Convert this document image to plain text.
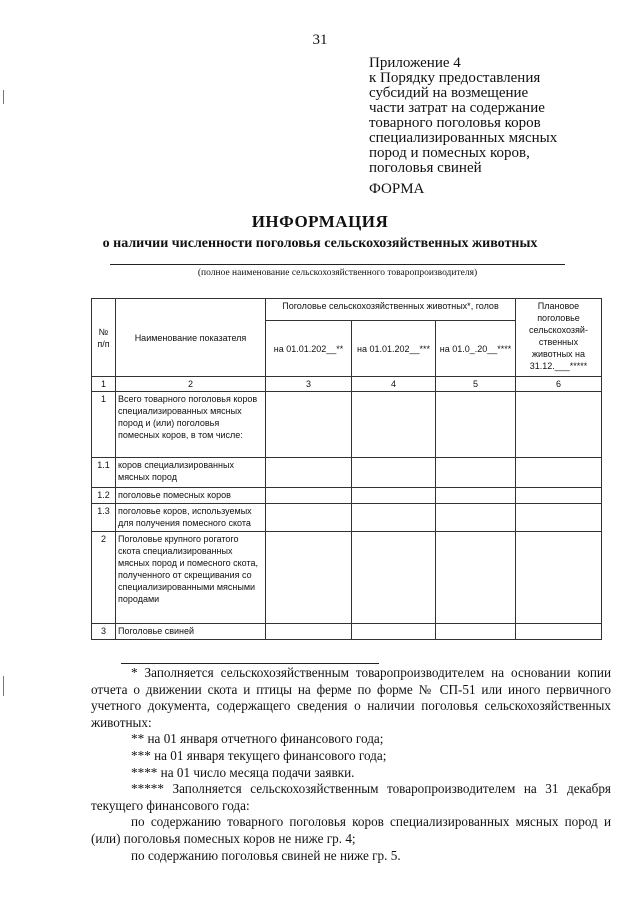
31
Приложение 4
к Порядку предоставления
субсидий на возмещение
части затрат на содержание
товарного поголовья коров
специализированных мясных
пород и помесных коров,
поголовья свиней
ФОРМА
ИНФОРМАЦИЯ
о наличии численности поголовья сельскохозяйственных животных
(полное наименование сельскохозяйственного товаропроизводителя)
№ п/п	Наименование показателя	Поголовье сельскохозяйственных животных*, голов			Плановое поголовье сельскохозяй-ственных животных на 31.12.___*****
		на 01.01.202__**	на 01.01.202__***	на 01.0_.20__****	
1	2	3	4	5	6
1	Всего товарного поголовья коров специализированных мясных пород и (или) поголовья помесных коров, в том числе:				
1.1	коров специализированных мясных пород				
1.2	поголовье помесных коров				
1.3	поголовье коров, используемых для получения помесного скота				
2	Поголовье крупного рогатого скота специализированных мясных пород и помесного скота, полученного от скрещивания со специализированными мясными породами				
3	Поголовье свиней				

* Заполняется сельскохозяйственным товаропроизводителем на основании копии отчета о движении скота и птицы на ферме по форме № СП-51 или иного первичного учетного документа, содержащего сведения о наличии поголовья сельскохозяйственных животных:

** на 01 января отчетного финансового года;

*** на 01 января текущего финансового года;

**** на 01 число месяца подачи заявки.

***** Заполняется сельскохозяйственным товаропроизводителем на 31 декабря текущего финансового года:

по содержанию товарного поголовья коров специализированных мясных пород и (или) поголовья помесных коров не ниже гр. 4;

по содержанию поголовья свиней не ниже гр. 5.
